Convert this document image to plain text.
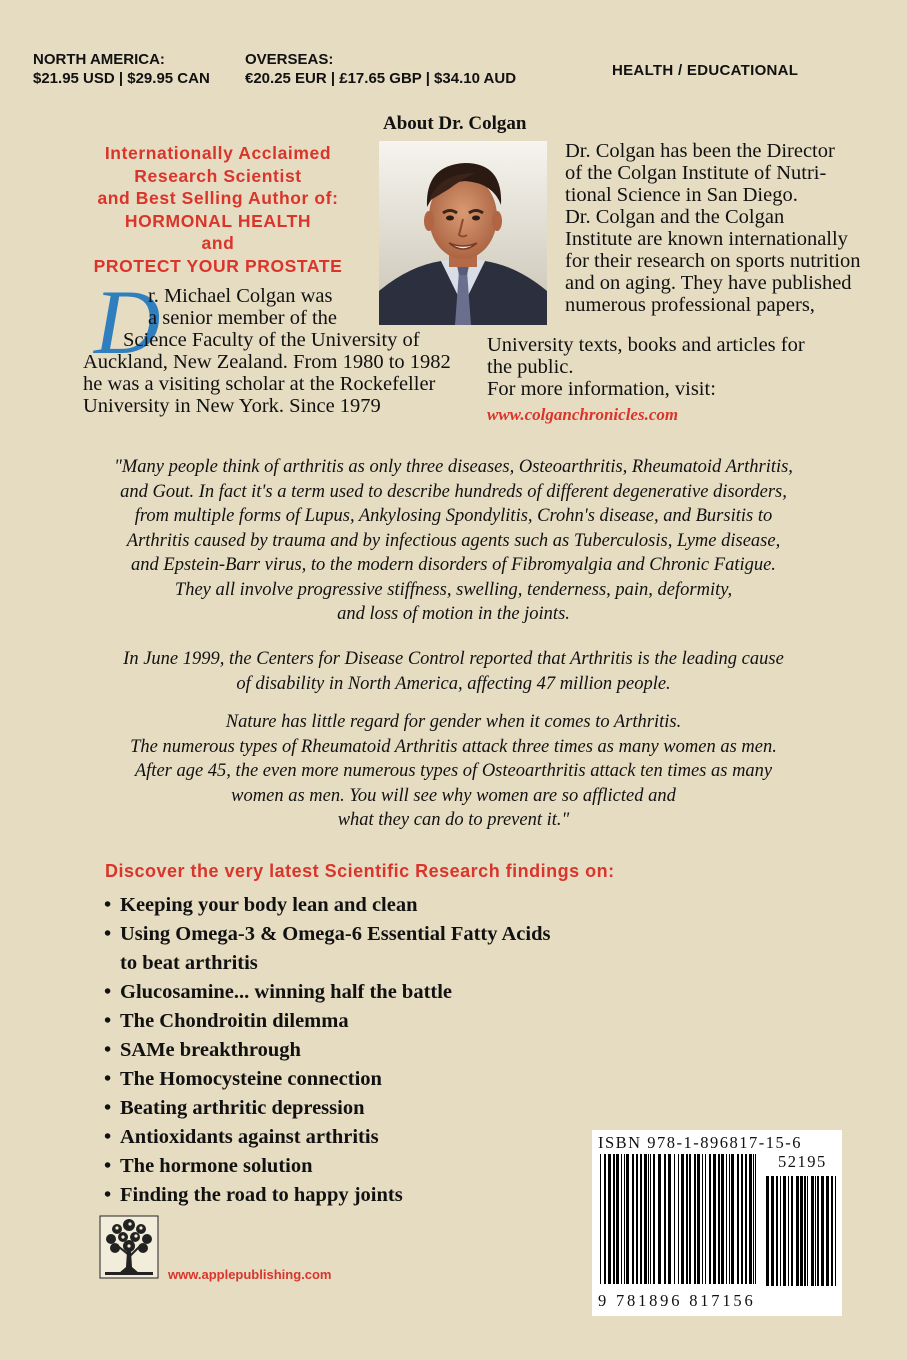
NORTH AMERICA:
$21.95 USD | $29.95 CAN
OVERSEAS:
€20.25 EUR | £17.65 GBP | $34.10 AUD	HEALTH / EDUCATIONAL
About Dr. Colgan
Internationally Acclaimed
Research Scientist
and Best Selling Author of:
HORMONAL HEALTH
and
PROTECT YOUR PROSTATE
D
r. Michael Colgan was
a senior member of the
Science Faculty of the University of
Auckland, New Zealand. From 1980 to 1982
he was a visiting scholar at the Rockefeller
University in New York. Since 1979
Dr. Colgan has been the Director
of the Colgan Institute of Nutri-
tional Science in San Diego.
Dr. Colgan and the Colgan
Institute are known internationally
for their research on sports nutrition
and on aging. They have published
numerous professional papers,
University texts, books and articles for
the public.
For more information, visit:
www.colganchronicles.com
"Many people think of arthritis as only three diseases, Osteoarthritis, Rheumatoid Arthritis,
and Gout. In fact it's a term used to describe hundreds of different degenerative disorders,
from multiple forms of Lupus, Ankylosing Spondylitis, Crohn's disease, and Bursitis to
Arthritis caused by trauma and by infectious agents such as Tuberculosis, Lyme disease,
and Epstein-Barr virus, to the modern disorders of Fibromyalgia and Chronic Fatigue.
They all involve progressive stiffness, swelling, tenderness, pain, deformity,
and loss of motion in the joints.
In June 1999, the Centers for Disease Control reported that Arthritis is the leading cause
of disability in North America, affecting 47 million people.
Nature has little regard for gender when it comes to Arthritis.
The numerous types of Rheumatoid Arthritis attack three times as many women as men.
After age 45, the even more numerous types of Osteoarthritis attack ten times as many
women as men. You will see why women are so afflicted and
what they can do to prevent it."
Discover the very latest Scientific Research findings on:
• Keeping your body lean and clean
• Using Omega-3 & Omega-6 Essential Fatty Acids
to beat arthritis
• Glucosamine... winning half the battle
• The Chondroitin dilemma
• SAMe breakthrough
• The Homocysteine connection
• Beating arthritic depression
• Antioxidants against arthritis
• The hormone solution
• Finding the road to happy joints
www.applepublishing.com
ISBN 978-1-896817-15-6
52195
9 781896 817156
